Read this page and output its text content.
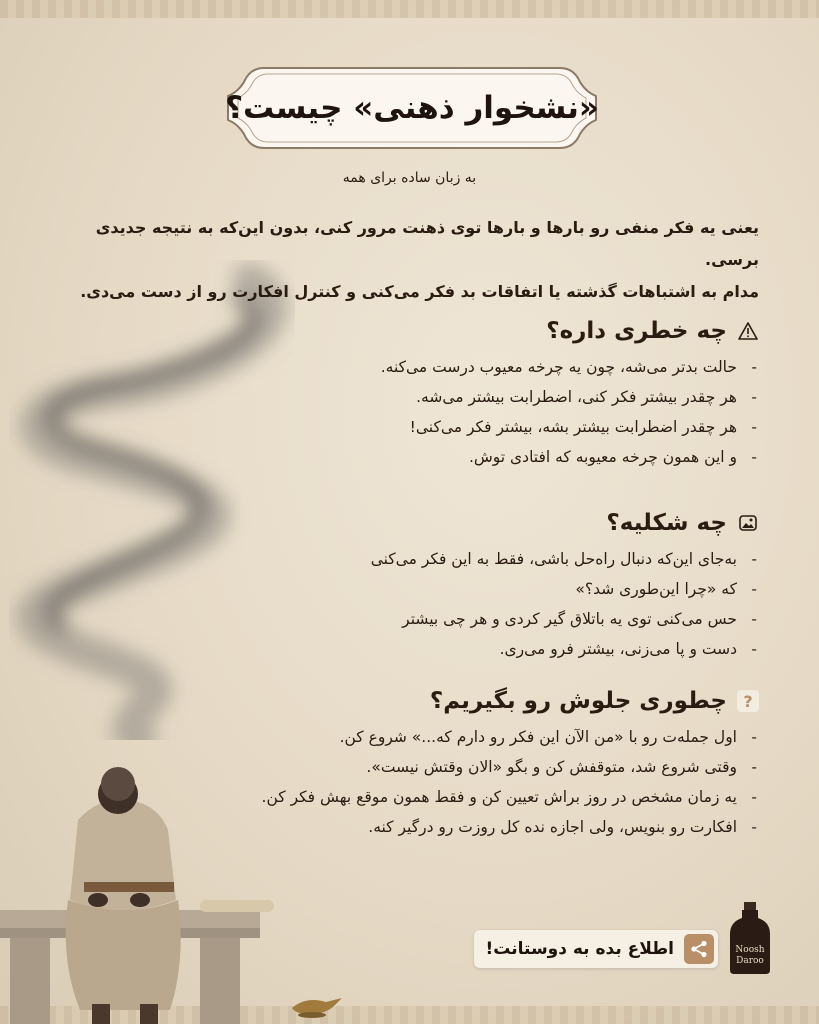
«نشخوار ذهنی» چیست؟
به زبان ساده برای همه

یعنی یه فکر منفی رو بارها و بارها توی ذهنت مرور کنی، بدون این‌که به نتیجه جدیدی برسی.

مدام به اشتباهات گذشته یا اتفاقات بد فکر می‌کنی و کنترل افکارت رو از دست می‌دی.

چه خطری داره؟
- حالت بدتر می‌شه، چون یه چرخه معیوب درست می‌کنه.
- هر چقدر بیشتر فکر کنی، اضطرابت بیشتر می‌شه.
- هر چقدر اضطرابت بیشتر بشه، بیشتر فکر می‌کنی!
- و این همون چرخه معیوبه که افتادی توش.
چه شکلیه؟
- به‌جای این‌که دنبال راه‌حل باشی، فقط به این فکر می‌کنی
- که «چرا این‌طوری شد؟»
- حس می‌کنی توی یه باتلاق گیر کردی و هر چی بیشتر
- دست و پا می‌زنی، بیشتر فرو می‌ری.
?
چطوری جلوش رو بگیریم؟
- اول جمله‌ت رو با «من الآن این فکر رو دارم که...» شروع کن.
- وقتی شروع شد، متوقفش کن و بگو «الان وقتش نیست».
- یه زمان مشخص در روز براش تعیین کن و فقط همون موقع بهش فکر کن.
- افکارت رو بنویس، ولی اجازه نده کل روزت رو درگیر کنه.
اطلاع بده به دوستانت!	Noosh
Daroo
